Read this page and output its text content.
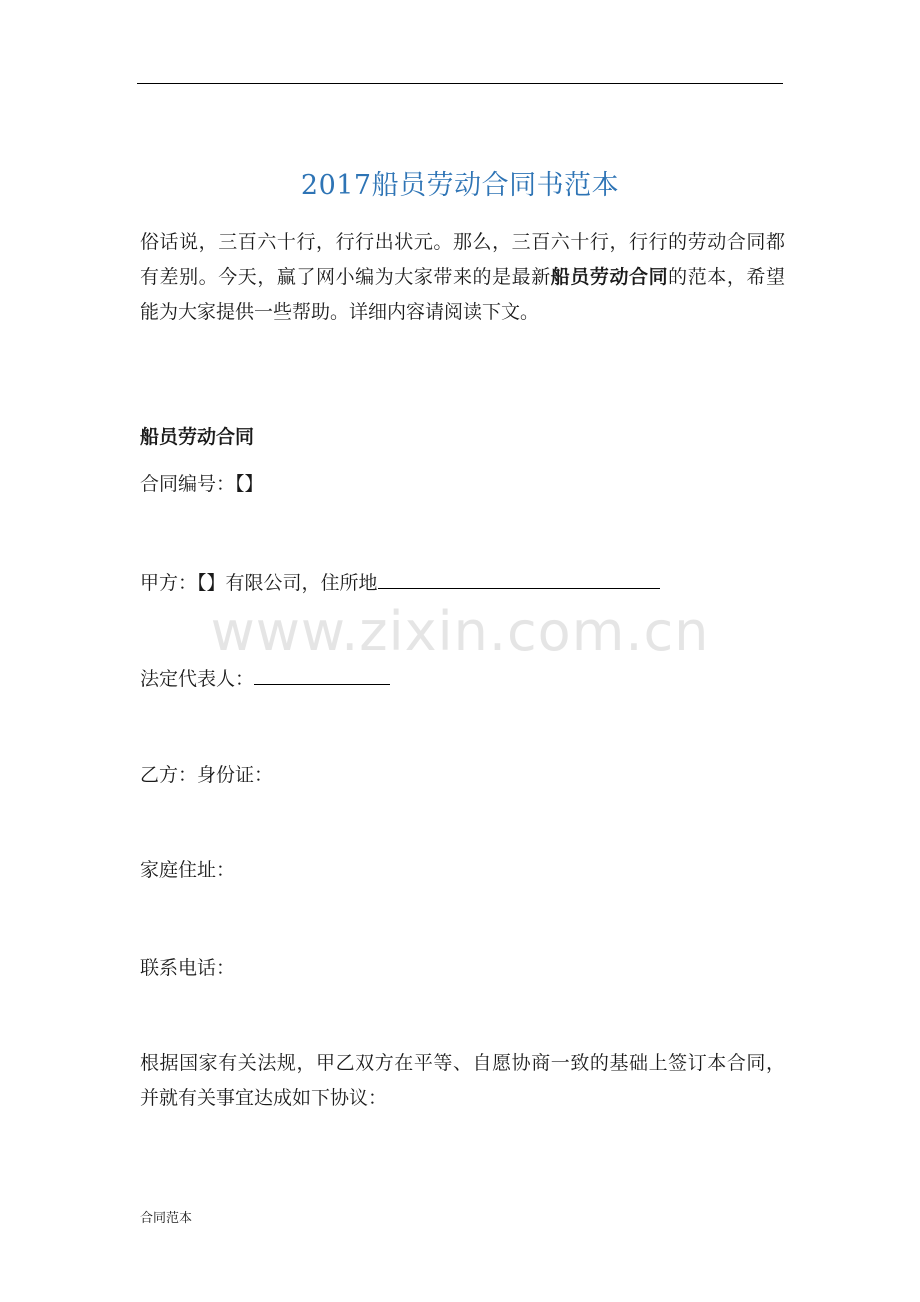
2017船员劳动合同书范本

俗话说，三百六十行，行行出状元。那么，三百六十行，行行的劳动合同都有差别。今天，赢了网小编为大家带来的是最新船员劳动合同的范本，希望能为大家提供一些帮助。详细内容请阅读下文。

船员劳动合同

合同编号：【】

甲方：【】有限公司，住所地

www.zixin.com.cn

法定代表人：

乙方：身份证：

家庭住址：

联系电话：

根据国家有关法规，甲乙双方在平等、自愿协商一致的基础上签订本合同，并就有关事宜达成如下协议：

合同范本
